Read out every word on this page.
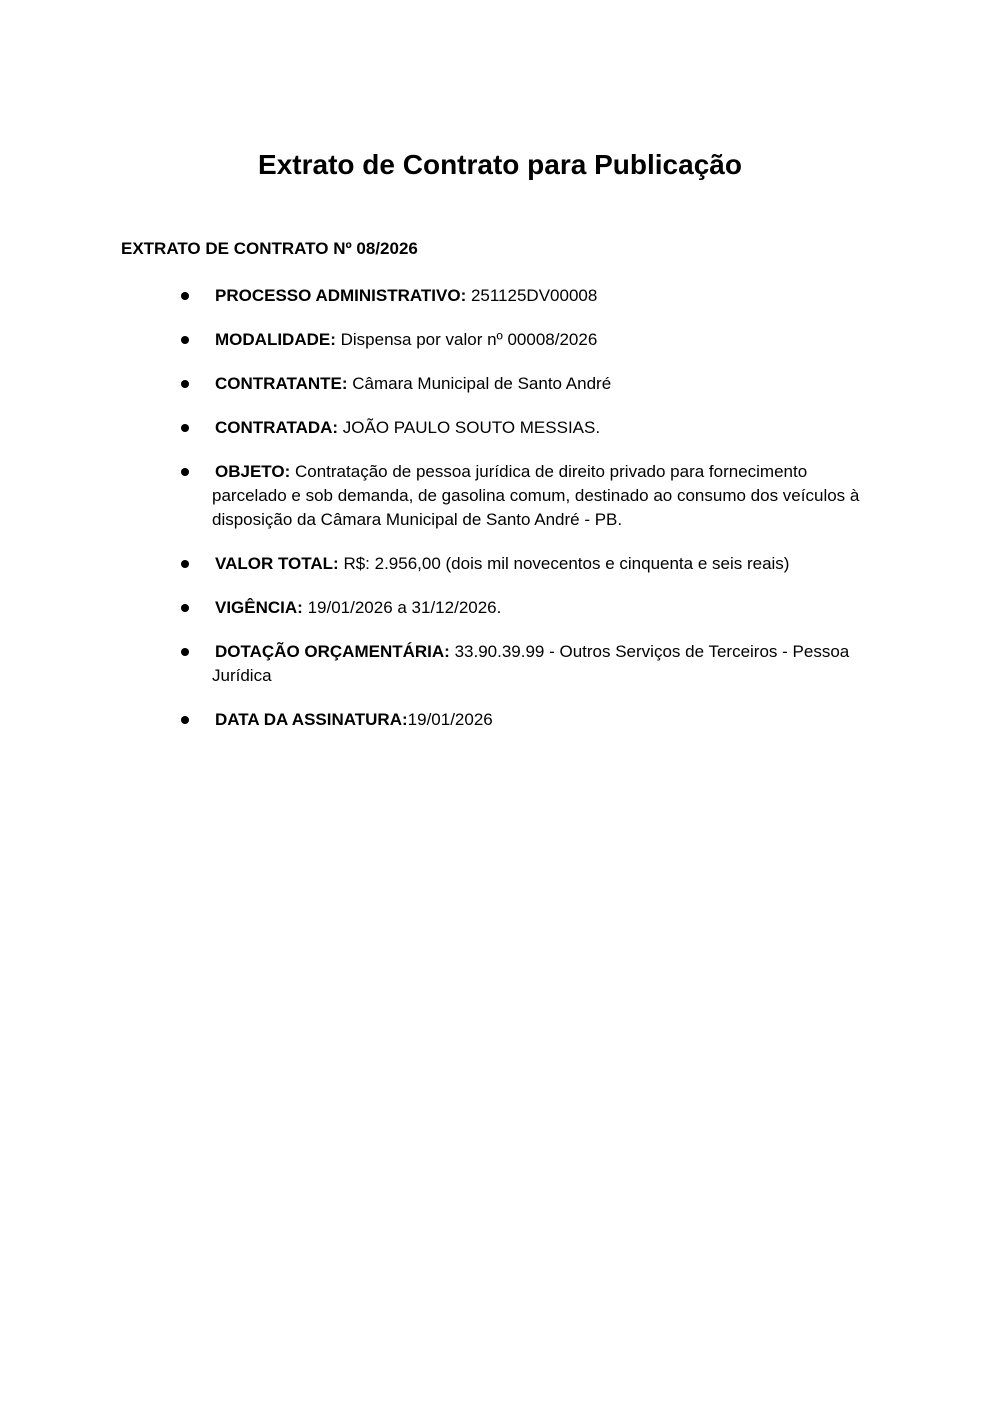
Extrato de Contrato para Publicação
EXTRATO DE CONTRATO Nº 08/2026
PROCESSO ADMINISTRATIVO: 251125DV00008
MODALIDADE: Dispensa por valor nº 00008/2026
CONTRATANTE: Câmara Municipal de Santo André
CONTRATADA: JOÃO PAULO SOUTO MESSIAS.
OBJETO: Contratação de pessoa jurídica de direito privado para fornecimento parcelado e sob demanda, de gasolina comum, destinado ao consumo dos veículos à disposição da Câmara Municipal de Santo André - PB.
VALOR TOTAL: R$: 2.956,00 (dois mil novecentos e cinquenta e seis reais)
VIGÊNCIA: 19/01/2026 a 31/12/2026.
DOTAÇÃO ORÇAMENTÁRIA: 33.90.39.99 - Outros Serviços de Terceiros - Pessoa Jurídica
DATA DA ASSINATURA:19/01/2026
